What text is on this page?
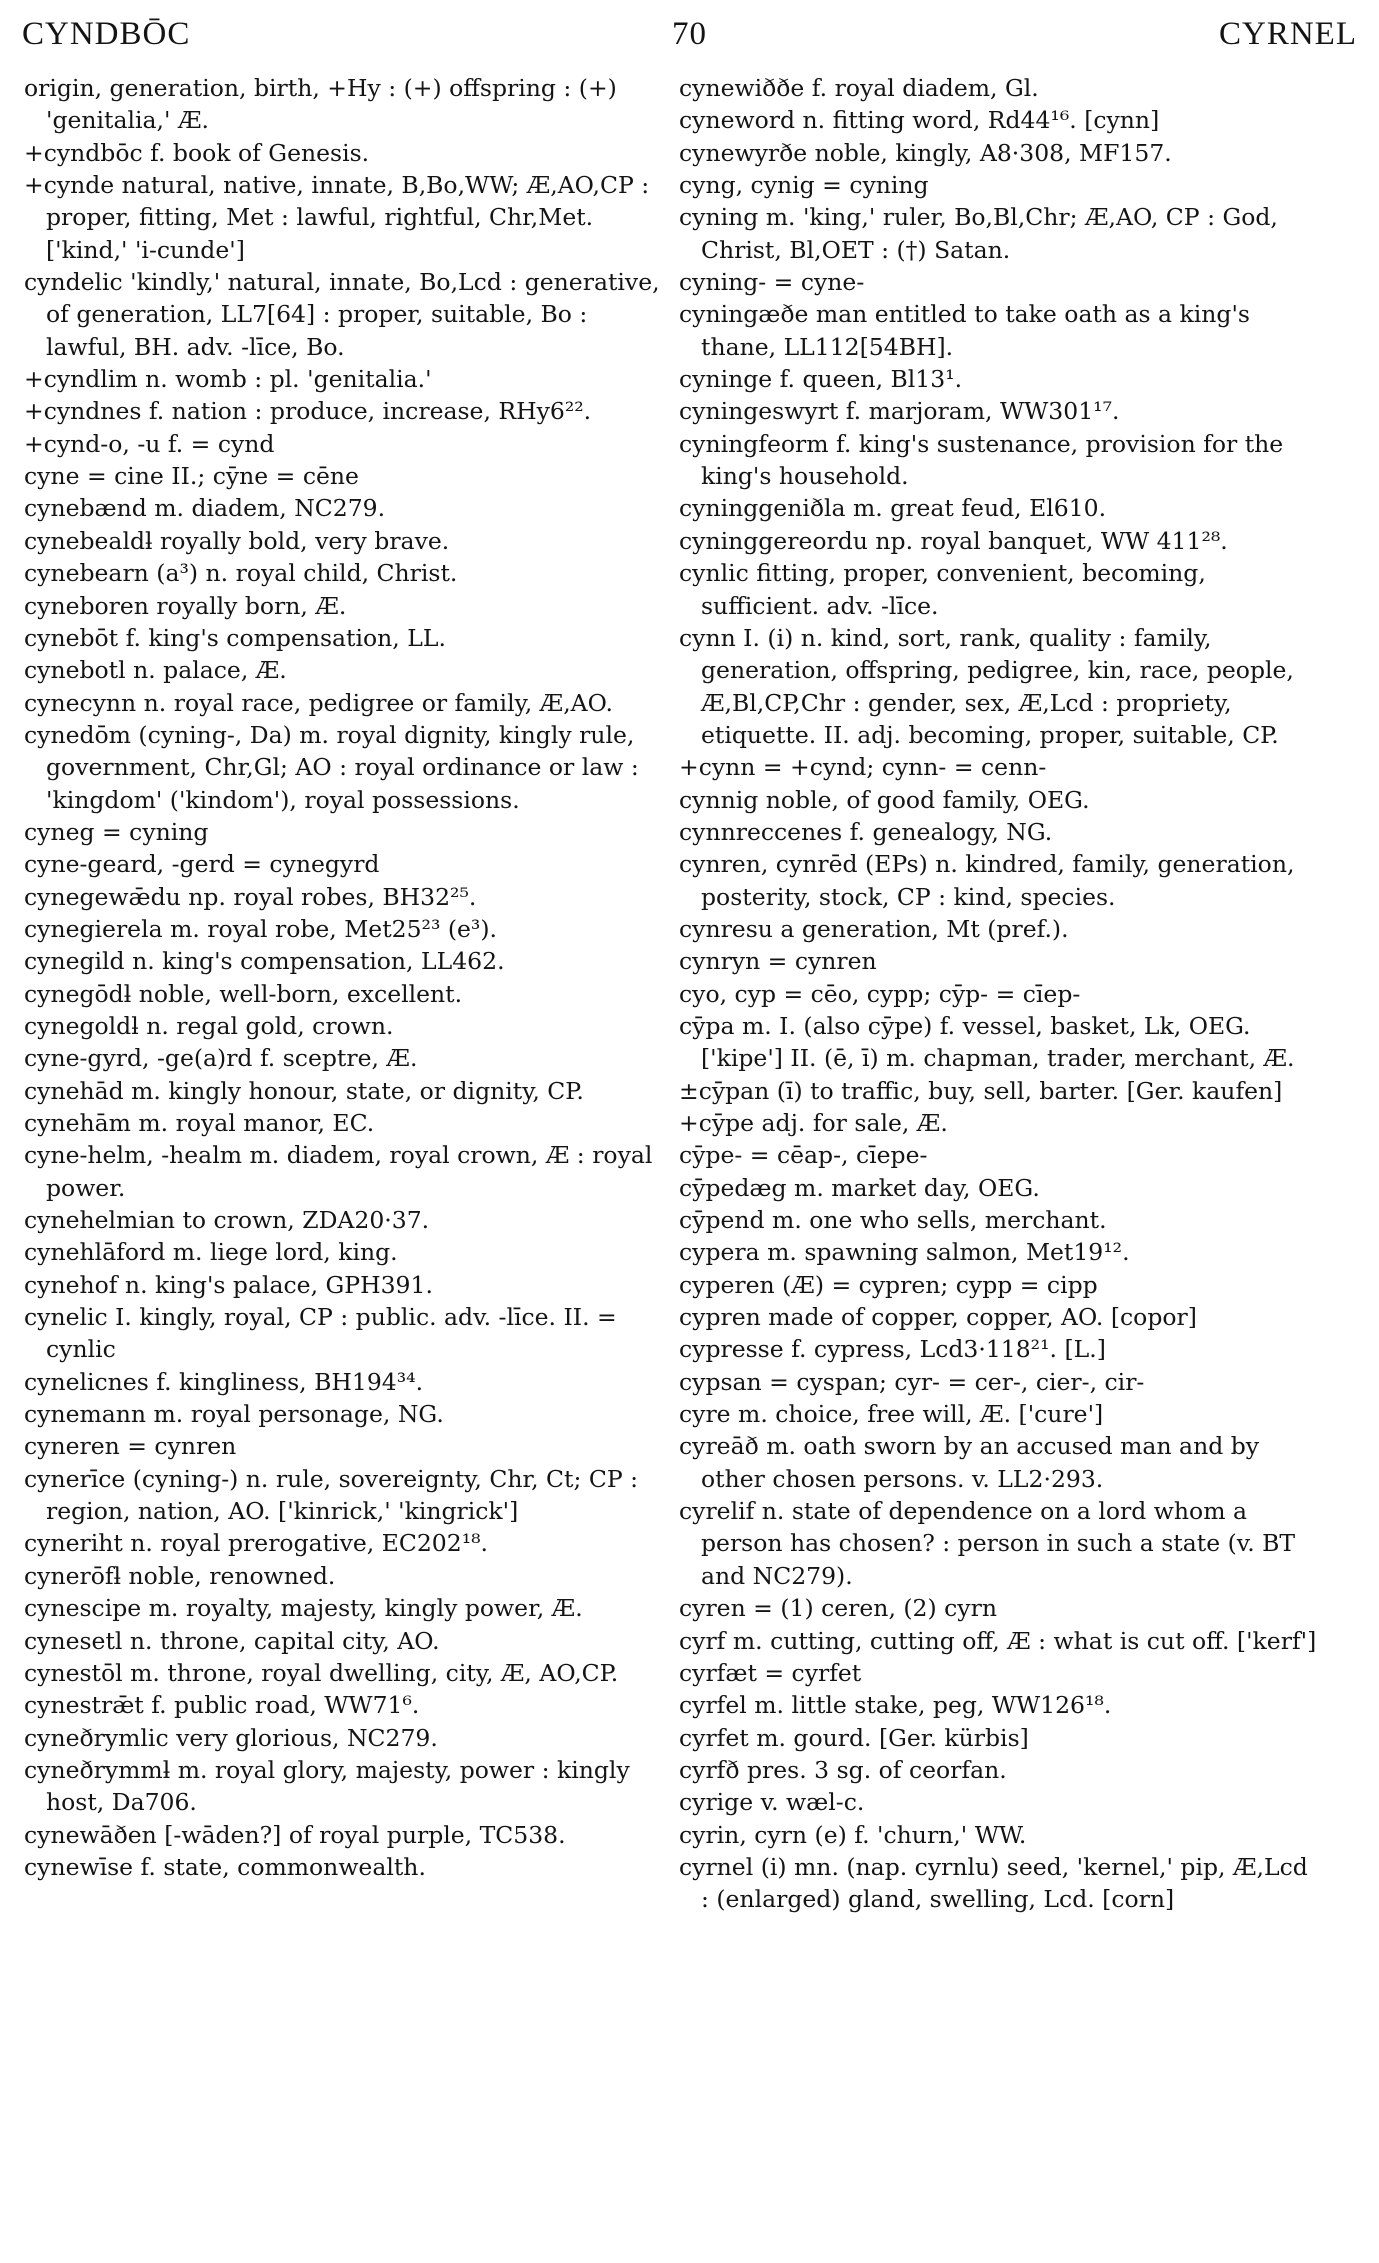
CYNDBŌC	70	CYRNEL

origin, generation, birth, +Hy : (+) offspring : (+) 'genitalia,' Æ.

+cyndbōc f. book of Genesis.

+cynde natural, native, innate, B,Bo,WW; Æ,AO,CP : proper, fitting, Met : lawful, rightful, Chr,Met. ['kind,' 'i-cunde']

cyndelic 'kindly,' natural, innate, Bo,Lcd : generative, of generation, LL7[64] : proper, suitable, Bo : lawful, BH. adv. -līce, Bo.

+cyndlim n. womb : pl. 'genitalia.'

+cyndnes f. nation : produce, increase, RHy6²².

+cynd-o, -u f. = cynd

cyne = cine II.; cȳne = cēne

cynebænd m. diadem, NC279.

cynebealdƚ royally bold, very brave.

cynebearn (a³) n. royal child, Christ.

cyneboren royally born, Æ.

cynebōt f. king's compensation, LL.

cynebotl n. palace, Æ.

cynecynn n. royal race, pedigree or family, Æ,AO.

cynedōm (cyning-, Da) m. royal dignity, kingly rule, government, Chr,Gl; AO : royal ordinance or law : 'kingdom' ('kindom'), royal possessions.

cyneg = cyning

cyne-geard, -gerd = cynegyrd

cynegewǣdu np. royal robes, BH32²⁵.

cynegierela m. royal robe, Met25²³ (e³).

cynegild n. king's compensation, LL462.

cynegōdƚ noble, well-born, excellent.

cynegoldƚ n. regal gold, crown.

cyne-gyrd, -ge(a)rd f. sceptre, Æ.

cynehād m. kingly honour, state, or dignity, CP.

cynehām m. royal manor, EC.

cyne-helm, -healm m. diadem, royal crown, Æ : royal power.

cynehelmian to crown, ZDA20·37.

cynehlāford m. liege lord, king.

cynehof n. king's palace, GPH391.

cynelic I. kingly, royal, CP : public. adv. -līce. II. = cynlic

cynelicnes f. kingliness, BH194³⁴.

cynemann m. royal personage, NG.

cyneren = cynren

cynerīce (cyning-) n. rule, sovereignty, Chr, Ct; CP : region, nation, AO. ['kinrick,' 'kingrick']

cyneriht n. royal prerogative, EC202¹⁸.

cynerōfƚ noble, renowned.

cynescipe m. royalty, majesty, kingly power, Æ.

cynesetl n. throne, capital city, AO.

cynestōl m. throne, royal dwelling, city, Æ, AO,CP.

cynestrǣt f. public road, WW71⁶.

cyneðrymlic very glorious, NC279.

cyneðrymmƚ m. royal glory, majesty, power : kingly host, Da706.

cynewāðen [-wāden?] of royal purple, TC538.

cynewīse f. state, commonwealth.

cynewiððe f. royal diadem, Gl.

cyneword n. fitting word, Rd44¹⁶. [cynn]

cynewyrðe noble, kingly, A8·308, MF157.

cyng, cynig = cyning

cyning m. 'king,' ruler, Bo,Bl,Chr; Æ,AO, CP : God, Christ, Bl,OET : (†) Satan.

cyning- = cyne-

cyningæðe man entitled to take oath as a king's thane, LL112[54BH].

cyninge f. queen, Bl13¹.

cyningeswyrt f. marjoram, WW301¹⁷.

cyningfeorm f. king's sustenance, provision for the king's household.

cyninggeniðla m. great feud, El610.

cyninggereordu np. royal banquet, WW 411²⁸.

cynlic fitting, proper, convenient, becoming, sufficient. adv. -līce.

cynn I. (i) n. kind, sort, rank, quality : family, generation, offspring, pedigree, kin, race, people, Æ,Bl,CP,Chr : gender, sex, Æ,Lcd : propriety, etiquette. II. adj. becoming, proper, suitable, CP.

+cynn = +cynd; cynn- = cenn-

cynnig noble, of good family, OEG.

cynnreccenes f. genealogy, NG.

cynren, cynrēd (EPs) n. kindred, family, generation, posterity, stock, CP : kind, species.

cynresu a generation, Mt (pref.).

cynryn = cynren

cyo, cyp = cēo, cypp; cȳp- = cīep-

cȳpa m. I. (also cȳpe) f. vessel, basket, Lk, OEG. ['kipe'] II. (ē, ī) m. chapman, trader, merchant, Æ.

±cȳpan (ī) to traffic, buy, sell, barter. [Ger. kaufen]

+cȳpe adj. for sale, Æ.

cȳpe- = cēap-, cīepe-

cȳpedæg m. market day, OEG.

cȳpend m. one who sells, merchant.

cypera m. spawning salmon, Met19¹².

cyperen (Æ) = cypren; cypp = cipp

cypren made of copper, copper, AO. [copor]

cypresse f. cypress, Lcd3·118²¹. [L.]

cypsan = cyspan; cyr- = cer-, cier-, cir-

cyre m. choice, free will, Æ. ['cure']

cyreāð m. oath sworn by an accused man and by other chosen persons. v. LL2·293.

cyrelif n. state of dependence on a lord whom a person has chosen? : person in such a state (v. BT and NC279).

cyren = (1) ceren, (2) cyrn

cyrf m. cutting, cutting off, Æ : what is cut off. ['kerf']

cyrfæt = cyrfet

cyrfel m. little stake, peg, WW126¹⁸.

cyrfet m. gourd. [Ger. kürbis]

cyrfð pres. 3 sg. of ceorfan.

cyrige v. wæl-c.

cyrin, cyrn (e) f. 'churn,' WW.

cyrnel (i) mn. (nap. cyrnlu) seed, 'kernel,' pip, Æ,Lcd : (enlarged) gland, swelling, Lcd. [corn]
